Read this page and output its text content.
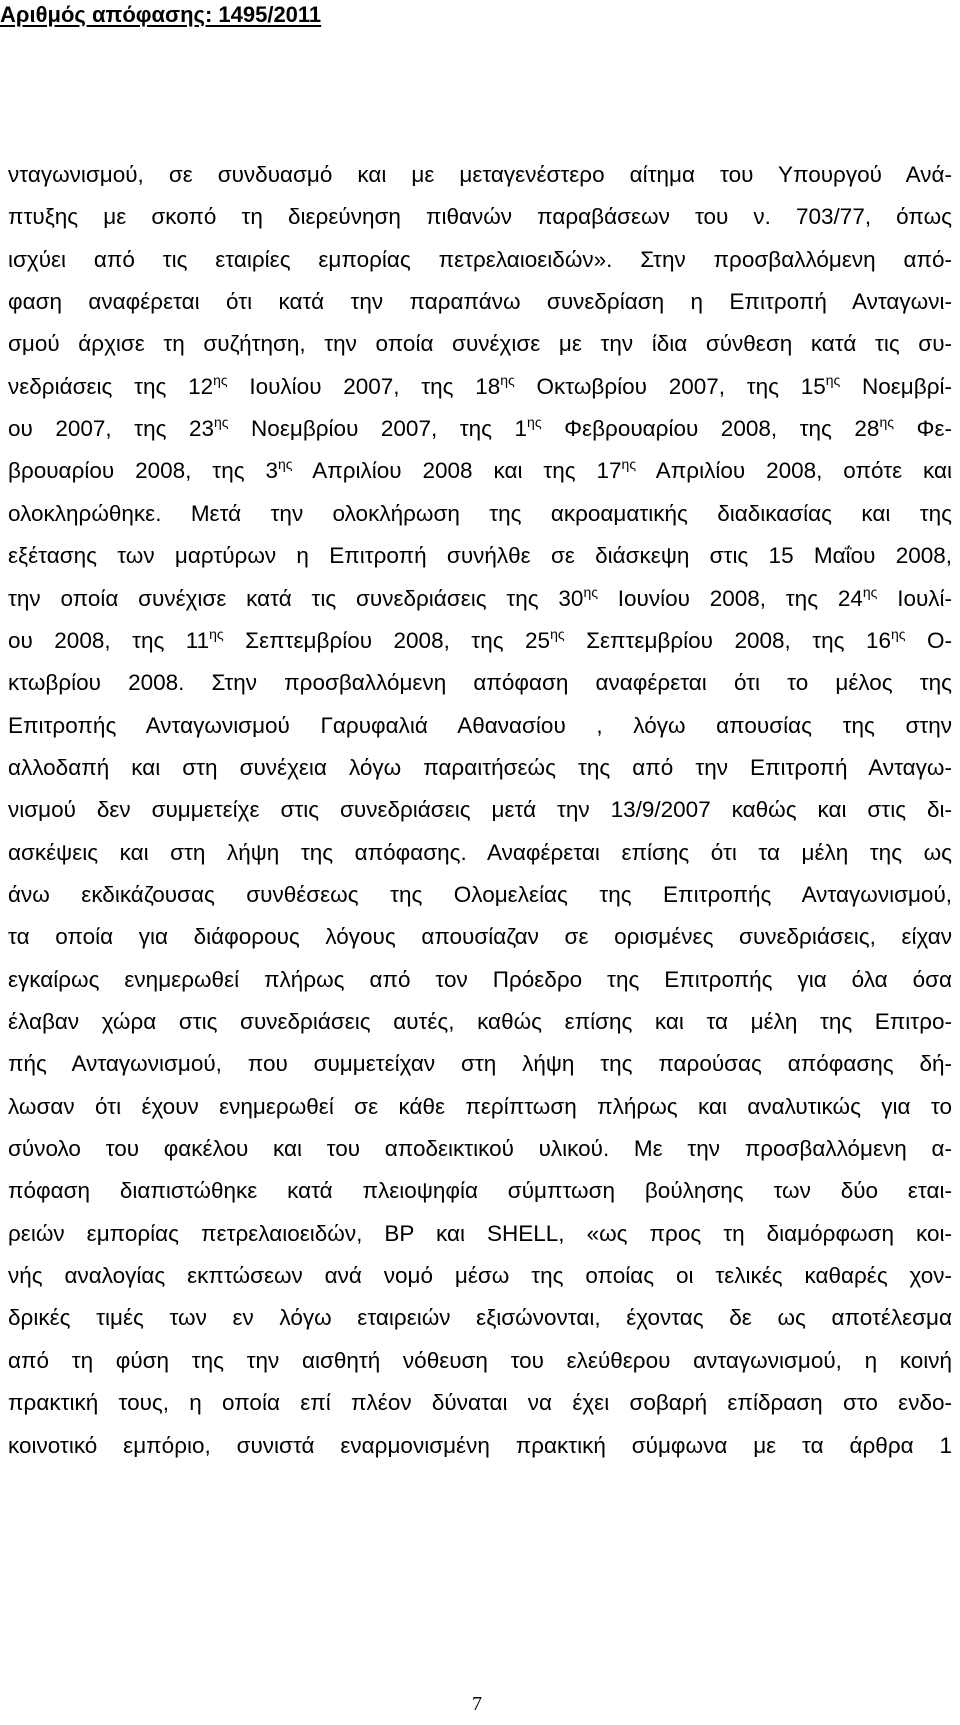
Αριθμός απόφασης: 1495/2011
νταγωνισμού, σε συνδυασμό και με μεταγενέστερο αίτημα του Υπουργού Ανά-
πτυξης με σκοπό τη διερεύνηση πιθανών παραβάσεων του ν. 703/77, όπως
ισχύει από τις εταιρίες εμπορίας πετρελαιοειδών». Στην προσβαλλόμενη από-
φαση αναφέρεται ότι κατά την παραπάνω συνεδρίαση η Επιτροπή Ανταγωνι-
σμού άρχισε τη συζήτηση, την οποία συνέχισε με την ίδια σύνθεση κατά τις συ-
νεδριάσεις της $12^{\eta\varsigma}$ Ιουλίου 2007, της $18^{\eta\varsigma}$ Οκτωβρίου 2007, της $15^{\eta\varsigma}$ Νοεμβρί-
ου 2007, της $23^{\eta\varsigma}$ Νοεμβρίου 2007, της $1^{\eta\varsigma}$ Φεβρουαρίου 2008, της $28^{\eta\varsigma}$ Φε-
βρουαρίου 2008, της $3^{\eta\varsigma}$ Απριλίου 2008 και της $17^{\eta\varsigma}$ Απριλίου 2008, οπότε και
ολοκληρώθηκε. Μετά την ολοκλήρωση της ακροαματικής διαδικασίας και της
εξέτασης των μαρτύρων η Επιτροπή συνήλθε σε διάσκεψη στις 15 Μαΐου 2008,
την οποία συνέχισε κατά τις συνεδριάσεις της $30^{\eta\varsigma}$ Ιουνίου 2008, της $24^{\eta\varsigma}$ Ιουλί-
ου 2008, της $11^{\eta\varsigma}$ Σεπτεμβρίου 2008, της $25^{\eta\varsigma}$ Σεπτεμβρίου 2008, της $16^{\eta\varsigma}$ Ο-
κτωβρίου 2008. Στην προσβαλλόμενη απόφαση αναφέρεται ότι το μέλος της
Επιτροπής Ανταγωνισμού Γαρυφαλιά Αθανασίου , λόγω απουσίας της στην
αλλοδαπή και στη συνέχεια λόγω παραιτήσεώς της από την Επιτροπή Ανταγω-
νισμού δεν συμμετείχε στις συνεδριάσεις μετά την 13/9/2007 καθώς και στις δι-
ασκέψεις και στη λήψη της απόφασης. Αναφέρεται επίσης ότι τα μέλη της ως
άνω εκδικάζουσας συνθέσεως της Ολομελείας της Επιτροπής Ανταγωνισμού,
τα οποία για διάφορους λόγους απουσίαζαν σε ορισμένες συνεδριάσεις, είχαν
εγκαίρως ενημερωθεί πλήρως από τον Πρόεδρο της Επιτροπής για όλα όσα
έλαβαν χώρα στις συνεδριάσεις αυτές, καθώς επίσης και τα μέλη της Επιτρο-
πής Ανταγωνισμού, που συμμετείχαν στη λήψη της παρούσας απόφασης δή-
λωσαν ότι έχουν ενημερωθεί σε κάθε περίπτωση πλήρως και αναλυτικώς για το
σύνολο του φακέλου και του αποδεικτικού υλικού. Με την προσβαλλόμενη α-
πόφαση διαπιστώθηκε κατά πλειοψηφία σύμπτωση βούλησης των δύο εται-
ρειών εμπορίας πετρελαιοειδών, BP και SHELL, «ως προς τη διαμόρφωση κοι-
νής αναλογίας εκπτώσεων ανά νομό μέσω της οποίας οι τελικές καθαρές χον-
δρικές τιμές των εν λόγω εταιρειών εξισώνονται, έχοντας δε ως αποτέλεσμα
από τη φύση της την αισθητή νόθευση του ελεύθερου ανταγωνισμού, η κοινή
πρακτική τους, η οποία επί πλέον δύναται να έχει σοβαρή επίδραση στο ενδο-
κοινοτικό εμπόριο, συνιστά εναρμονισμένη πρακτική σύμφωνα με τα άρθρα 1
7
